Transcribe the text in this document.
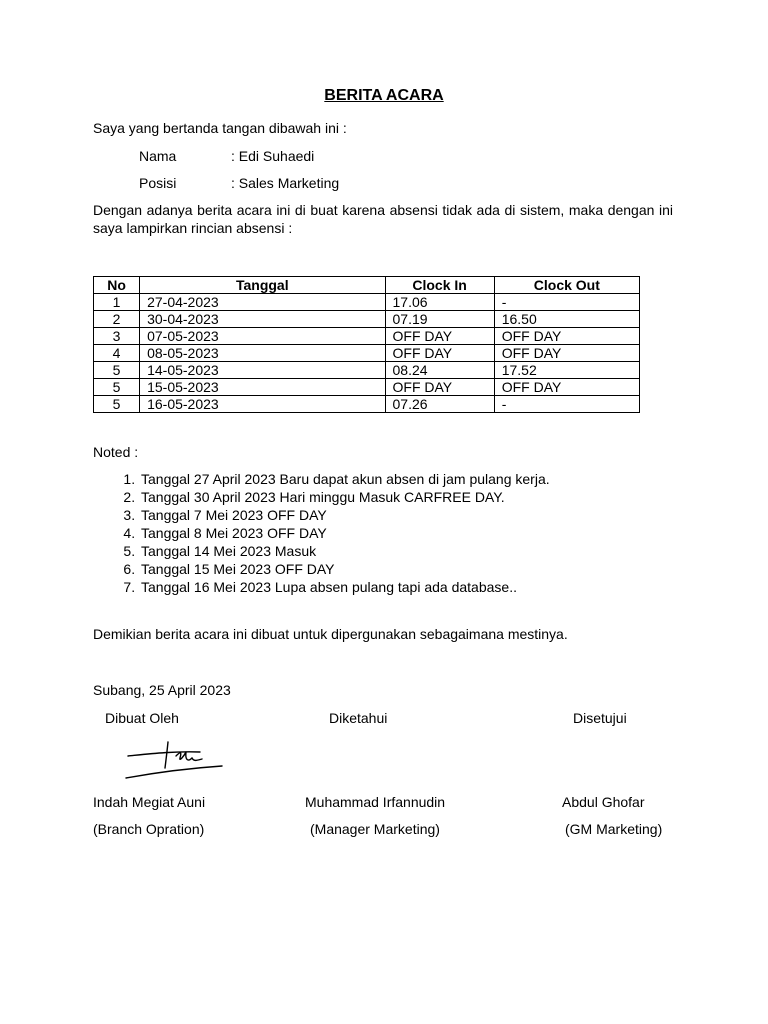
BERITA ACARA
Saya yang bertanda tangan dibawah ini :
Nama	: Edi Suhaedi
Posisi	: Sales Marketing
Dengan adanya berita acara ini di buat karena absensi tidak ada di sistem, maka dengan ini saya lampirkan rincian absensi :
No	Tanggal	Clock In	Clock Out
1	27-04-2023	17.06	-
2	30-04-2023	07.19	16.50
3	07-05-2023	OFF DAY	OFF DAY
4	08-05-2023	OFF DAY	OFF DAY
5	14-05-2023	08.24	17.52
5	15-05-2023	OFF DAY	OFF DAY
5	16-05-2023	07.26	-
Noted :
1. Tanggal 27 April 2023 Baru dapat akun absen di jam pulang kerja.
2. Tanggal 30 April 2023 Hari minggu Masuk CARFREE DAY.
3. Tanggal 7 Mei 2023 OFF DAY
4. Tanggal 8 Mei 2023 OFF DAY
5. Tanggal 14 Mei 2023 Masuk
6. Tanggal 15 Mei 2023 OFF DAY
7. Tanggal 16 Mei 2023 Lupa absen pulang tapi ada database..
Demikian berita acara ini dibuat untuk dipergunakan sebagaimana mestinya.
Subang, 25 April 2023
Dibuat Oleh	Diketahui	Disetujui
Indah Megiat Auni	Muhammad Irfannudin	Abdul Ghofar
(Branch Opration)	(Manager Marketing)	(GM Marketing)
